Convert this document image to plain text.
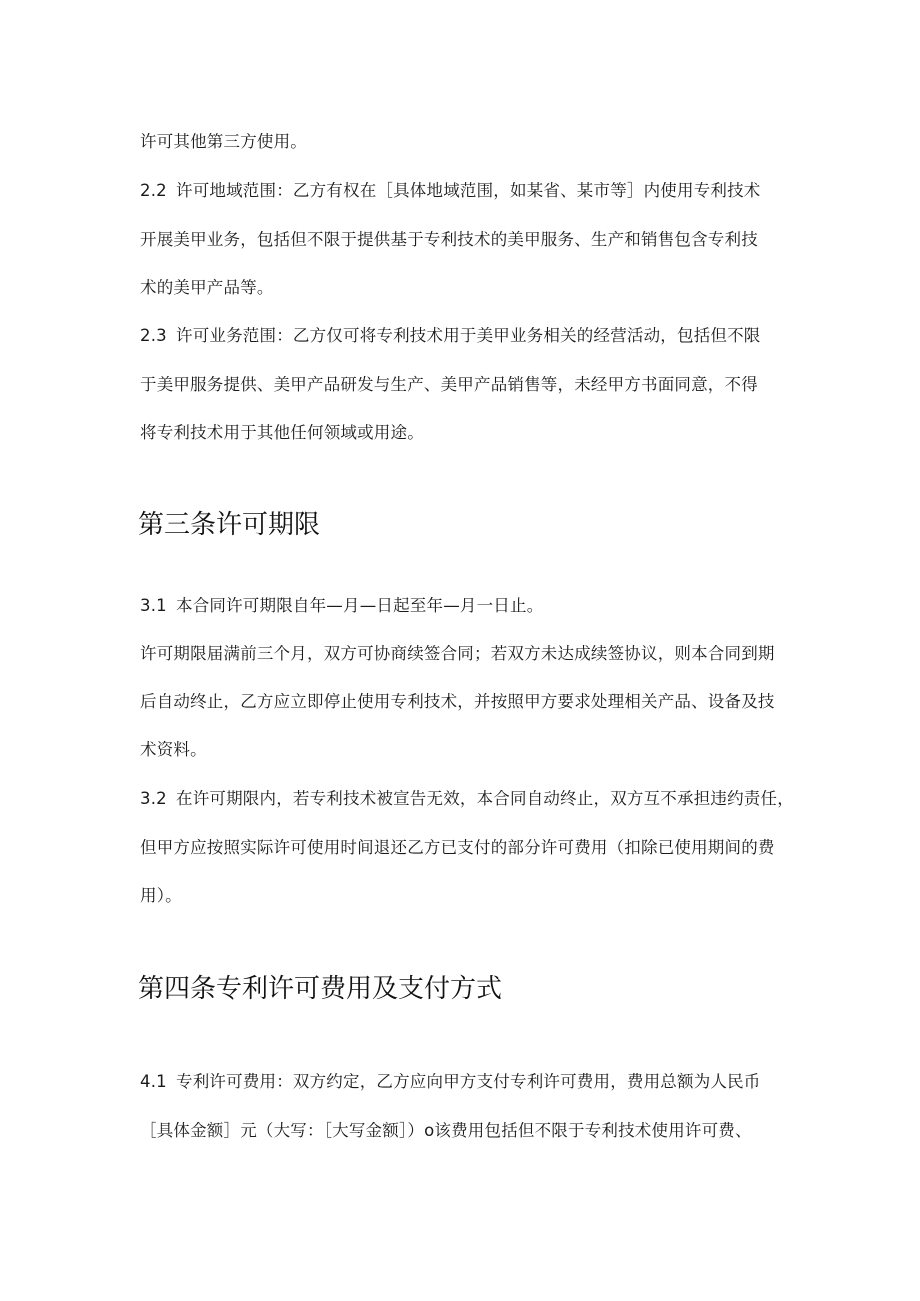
许可其他第三方使用。
2.2 许可地域范围：乙方有权在［具体地域范围，如某省、某市等］内使用专利技术
开展美甲业务，包括但不限于提供基于专利技术的美甲服务、生产和销售包含专利技
术的美甲产品等。
2.3 许可业务范围：乙方仅可将专利技术用于美甲业务相关的经营活动，包括但不限
于美甲服务提供、美甲产品研发与生产、美甲产品销售等，未经甲方书面同意，不得
将专利技术用于其他任何领域或用途。
第三条许可期限
3.1 本合同许可期限自年—月—日起至年—月一日止。
许可期限届满前三个月，双方可协商续签合同；若双方未达成续签协议，则本合同到期
后自动终止，乙方应立即停止使用专利技术，并按照甲方要求处理相关产品、设备及技
术资料。
3.2 在许可期限内，若专利技术被宣告无效，本合同自动终止，双方互不承担违约责任，
但甲方应按照实际许可使用时间退还乙方已支付的部分许可费用（扣除已使用期间的费
用）。
第四条专利许可费用及支付方式
4.1 专利许可费用：双方约定，乙方应向甲方支付专利许可费用，费用总额为人民币
［具体金额］元（大写：［大写金额］）o该费用包括但不限于专利技术使用许可费、
